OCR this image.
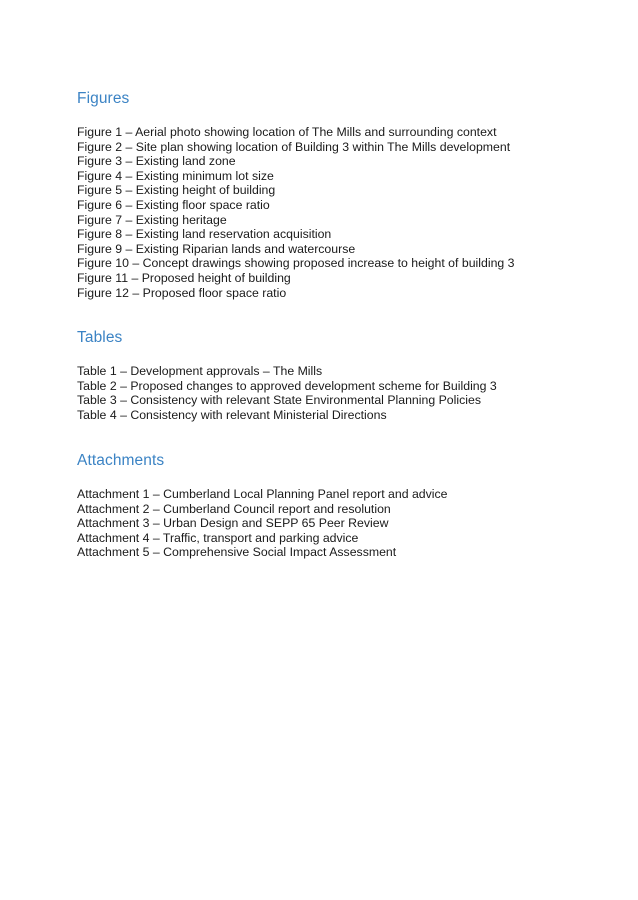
Figures
Figure 1 – Aerial photo showing location of The Mills and surrounding context
Figure 2 – Site plan showing location of Building 3 within The Mills development
Figure 3 – Existing land zone
Figure 4 – Existing minimum lot size
Figure 5 – Existing height of building
Figure 6 – Existing floor space ratio
Figure 7 – Existing heritage
Figure 8 – Existing land reservation acquisition
Figure 9 – Existing Riparian lands and watercourse
Figure 10 – Concept drawings showing proposed increase to height of building 3
Figure 11 – Proposed height of building
Figure 12 – Proposed floor space ratio
Tables
Table 1 – Development approvals – The Mills
Table 2 – Proposed changes to approved development scheme for Building 3
Table 3 – Consistency with relevant State Environmental Planning Policies
Table 4 – Consistency with relevant Ministerial Directions
Attachments
Attachment 1 – Cumberland Local Planning Panel report and advice
Attachment 2 – Cumberland Council report and resolution
Attachment 3 – Urban Design and SEPP 65 Peer Review
Attachment 4 – Traffic, transport and parking advice
Attachment 5 – Comprehensive Social Impact Assessment
